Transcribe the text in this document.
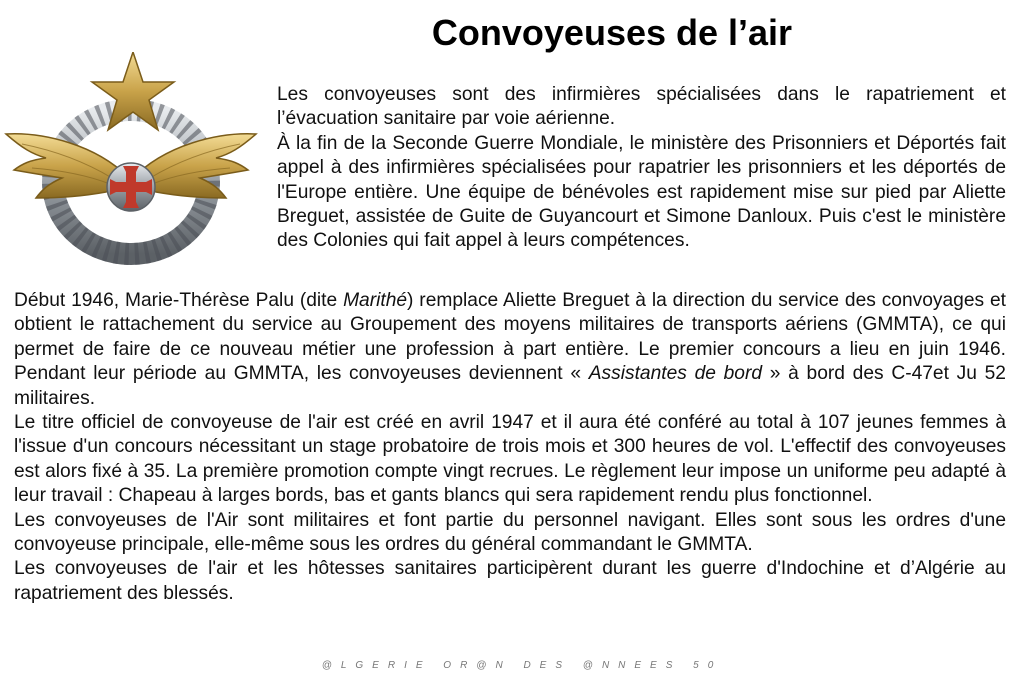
Convoyeuses de l’air

Les convoyeuses sont des infirmières spécialisées dans le rapatriement et l’évacuation sanitaire par voie aérienne.

À la fin de la Seconde Guerre Mondiale, le ministère des Prisonniers et Déportés fait appel à des infirmières spécialisées pour rapatrier les prisonniers et les déportés de l'Europe entière. Une équipe de bénévoles est rapidement mise sur pied par Aliette Breguet, assistée de Guite de Guyancourt et Simone Danloux. Puis c'est le ministère des Colonies qui fait appel à leurs compétences.

Début 1946, Marie-Thérèse Palu (dite Marithé) remplace Aliette Breguet à la direction du service des convoyages et obtient le rattachement du service au Groupement des moyens militaires de transports aériens (GMMTA), ce qui permet de faire de ce nouveau métier une profession à part entière. Le premier concours a lieu en juin 1946. Pendant leur période au GMMTA, les convoyeuses deviennent « Assistantes de bord » à bord des C-47et Ju 52 militaires.

Le titre officiel de convoyeuse de l'air est créé en avril 1947 et il aura été conféré au total à 107 jeunes femmes à l'issue d'un concours nécessitant un stage probatoire de trois mois et 300 heures de vol. L'effectif des convoyeuses est alors fixé à 35. La première promotion compte vingt recrues. Le règlement leur impose un uniforme peu adapté à leur travail : Chapeau à larges bords, bas et gants blancs qui sera rapidement rendu plus fonctionnel.

Les convoyeuses de l'Air sont militaires et font partie du personnel navigant. Elles sont sous les ordres d'une convoyeuse principale, elle-même sous les ordres du général commandant le GMMTA.

Les convoyeuses de l'air et les hôtesses sanitaires participèrent durant les guerre d'Indochine et d’Algérie au rapatriement des blessés.

@LGERIE OR@N DES @NNEES 50
